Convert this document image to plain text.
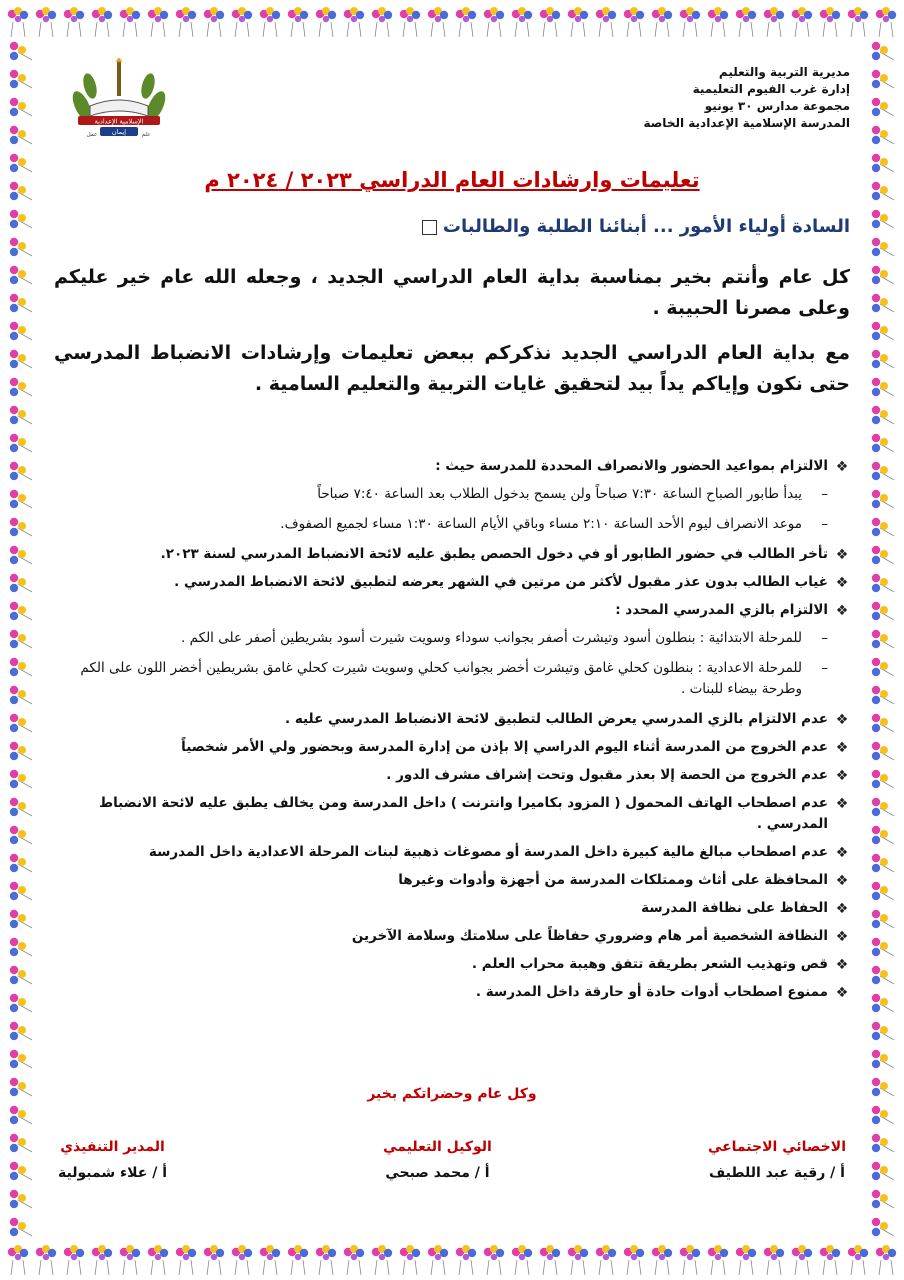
مديرية التربية والتعليم
إدارة غرب الفيوم التعليمية
مجموعة مدارس ٣٠ يونيو
المدرسة الإسلامية الإعدادية الخاصة
الإسلامية الإعدادية
إيمان
عمل	علم
تعليمات وارشادات العام الدراسي ٢٠٢٣ / ٢٠٢٤ م
السادة أولياء الأمور ... أبنائنا الطلبة والطالبات

كل عام وأنتم بخير بمناسبة بداية العام الدراسي الجديد ، وجعله الله عام خير عليكم وعلى مصرنا الحبيبة .

مع بداية العام الدراسي الجديد نذكركم ببعض تعليمات وإرشادات الانضباط المدرسي حتى نكون وإياكم يداً بيد لتحقيق غايات التربية والتعليم السامية .

❖
الالتزام بمواعيد الحضور والانصراف المحددة للمدرسة حيث :
–
يبدأ طابور الصباح الساعة ٧:٣٠ صباحاً ولن يسمح بدخول الطلاب بعد الساعة ٧:٤٠ صباحاً
–
موعد الانصراف ليوم الأحد الساعة ٢:١٠ مساء وباقي الأيام الساعة ١:٣٠ مساء لجميع الصفوف.
❖
تأخر الطالب في حضور الطابور أو في دخول الحصص يطبق عليه لائحة الانضباط المدرسي لسنة ٢٠٢٣.
❖
غياب الطالب بدون عذر مقبول لأكثر من مرتين في الشهر يعرضه لتطبيق لائحة الانضباط المدرسي .
❖
الالتزام بالزي المدرسي المحدد :
–
للمرحلة الابتدائية : بنطلون أسود وتيشرت أصفر بجوانب سوداء وسويت شيرت أسود بشريطين أصفر على الكم .
–
للمرحلة الاعدادية : بنطلون كحلي غامق وتيشرت أخضر بجوانب كحلي وسويت شيرت كحلي غامق بشريطين أخضر اللون على الكم وطرحة بيضاء للبنات .
❖
عدم الالتزام بالزي المدرسي يعرض الطالب لتطبيق لائحة الانضباط المدرسي عليه .
❖
عدم الخروج من المدرسة أثناء اليوم الدراسي إلا بإذن من إدارة المدرسة وبحضور ولي الأمر شخصياً
❖
عدم الخروج من الحصة إلا بعذر مقبول وتحت إشراف مشرف الدور .
❖
عدم اصطحاب الهاتف المحمول ( المزود بكاميرا وانترنت ) داخل المدرسة ومن يخالف يطبق عليه لائحة الانضباط المدرسي .
❖
عدم اصطحاب مبالغ مالية كبيرة داخل المدرسة أو مصوغات ذهبية لبنات المرحلة الاعدادية داخل المدرسة
❖
المحافظة على أثاث وممتلكات المدرسة من أجهزة وأدوات وغيرها
❖
الحفاظ على نظافة المدرسة
❖
النظافة الشخصية أمر هام وضروري حفاظاً على سلامتك وسلامة الآخرين
❖
قص وتهذيب الشعر بطريقة تتفق وهيبة محراب العلم .
❖
ممنوع اصطحاب أدوات حادة أو حارقة داخل المدرسة .
وكل عام وحضراتكم بخير
الاخصائي الاجتماعي
أ / رقية عبد اللطيف
الوكيل التعليمي
أ / محمد صبحي
المدير التنفيذي
أ / علاء شمبولية
